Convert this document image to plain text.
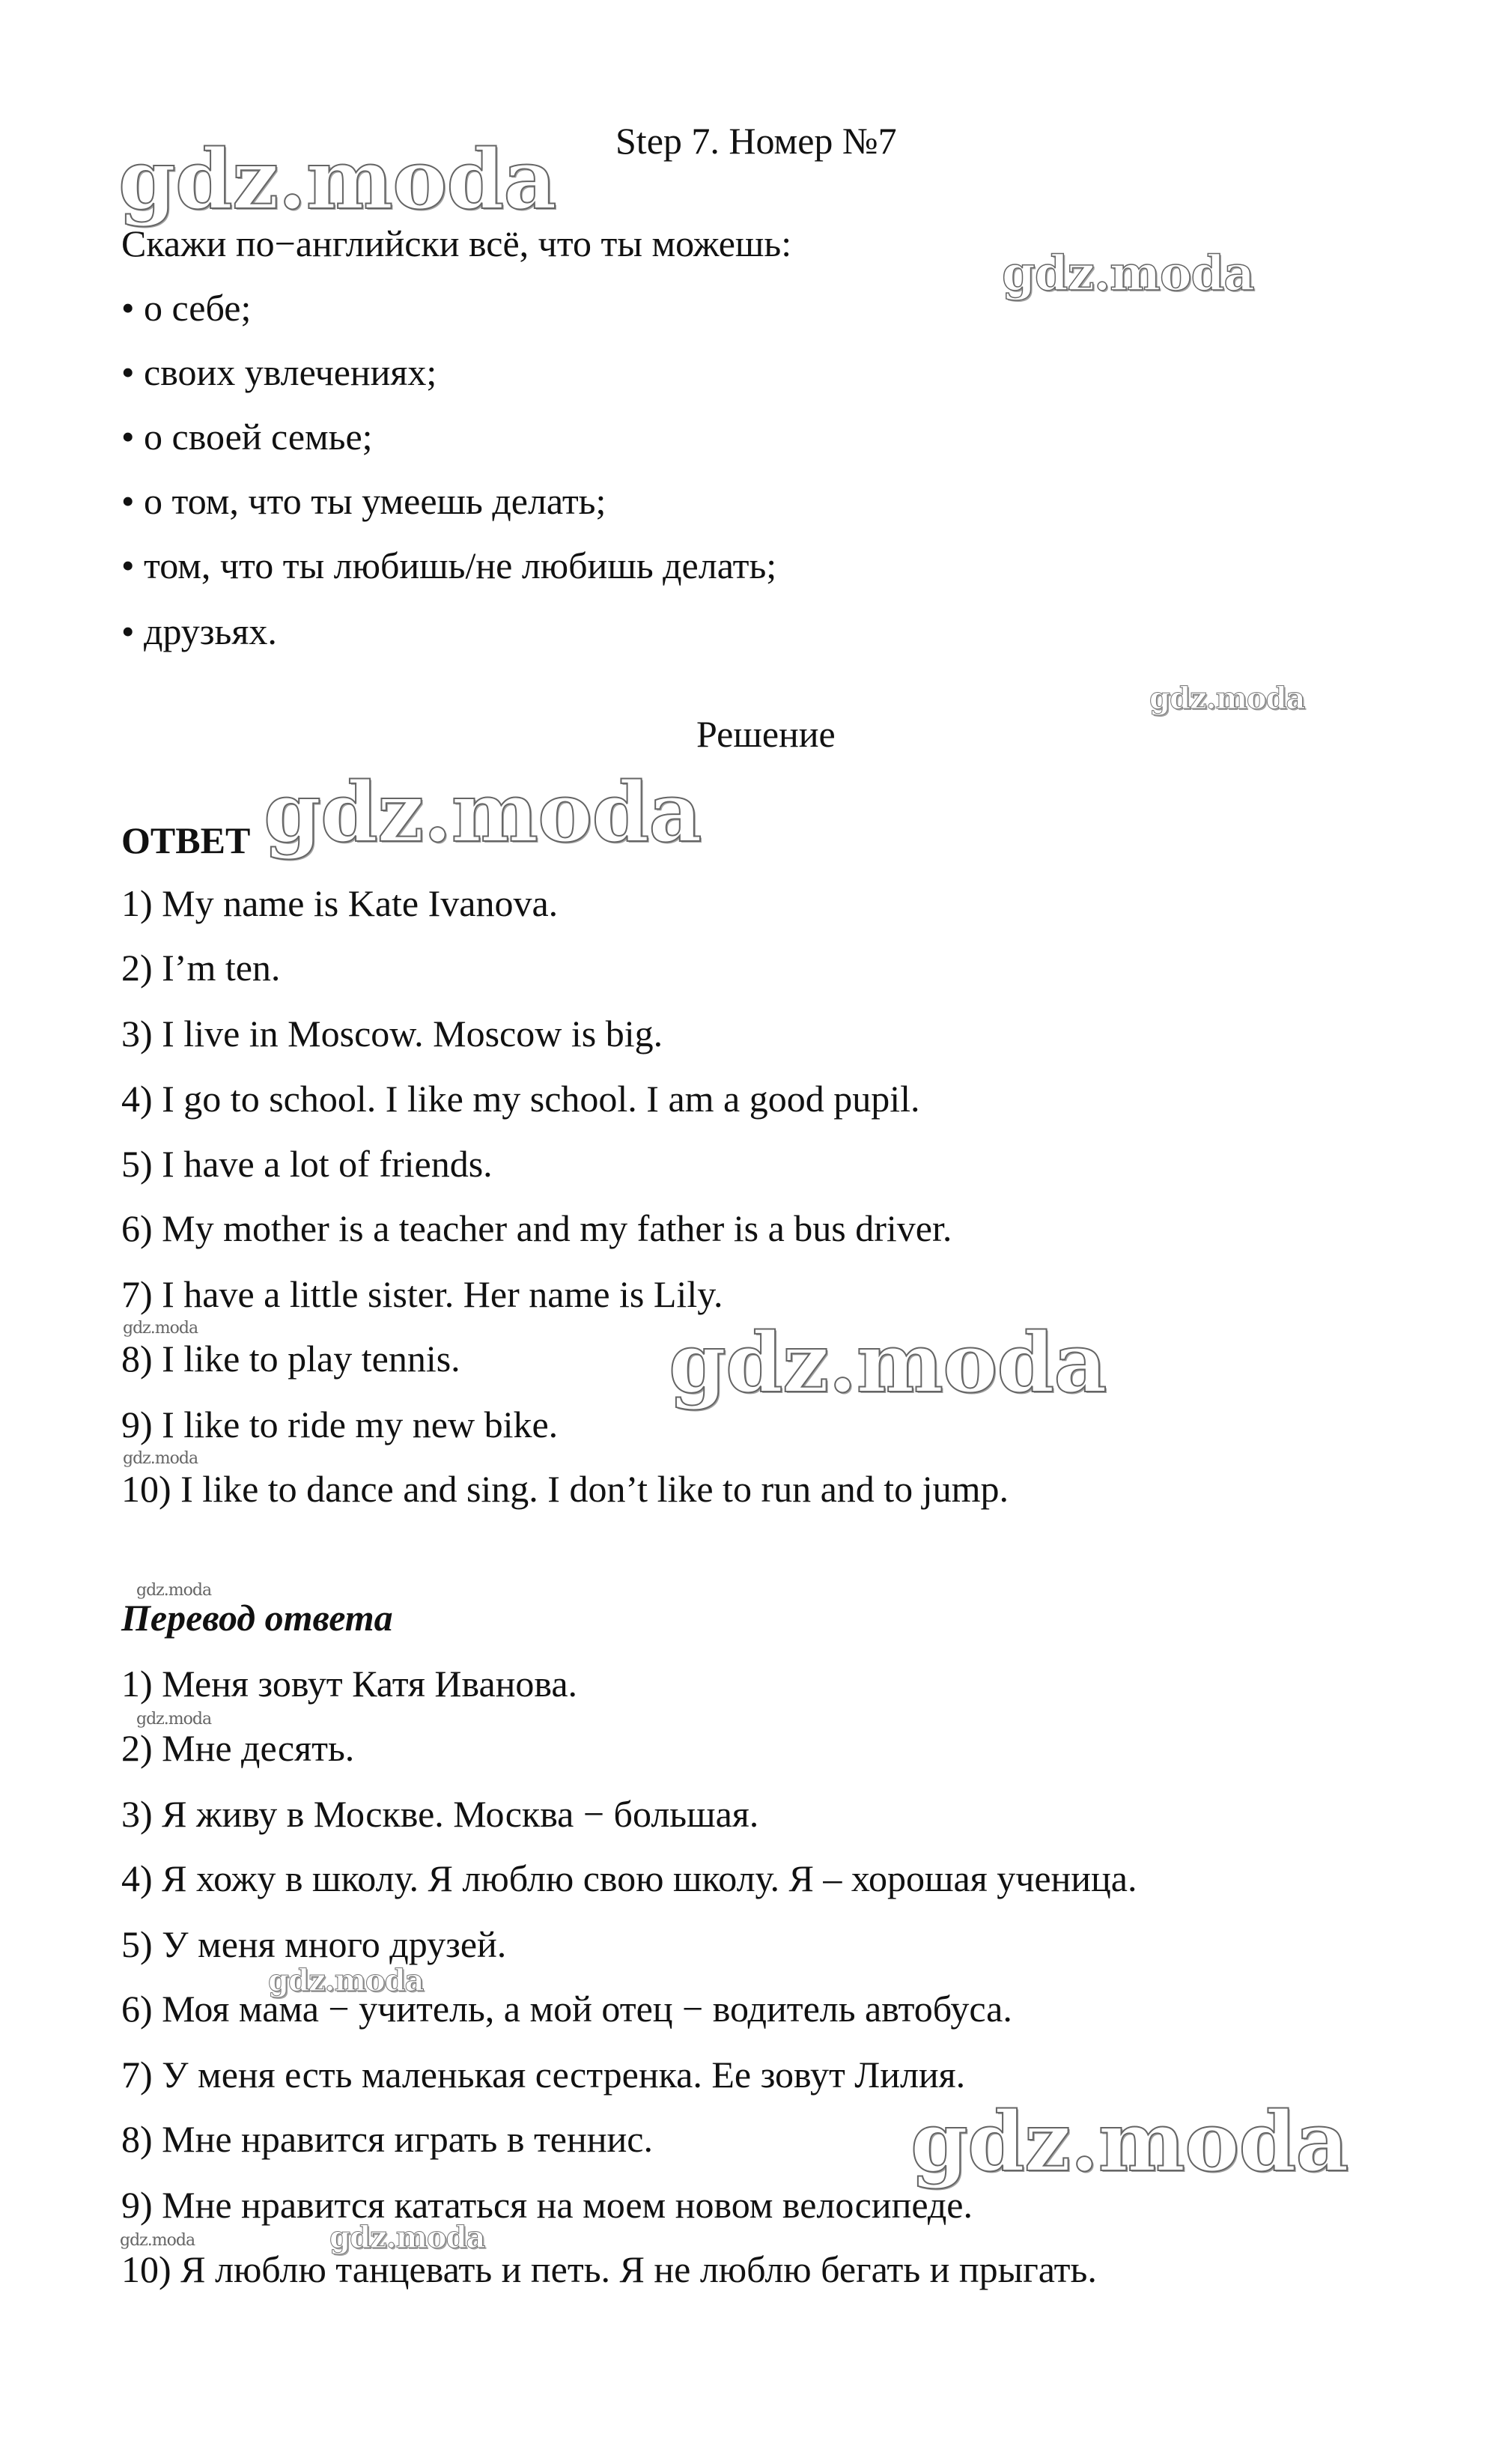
Step 7. Номер №7
Скажи по−английски всё, что ты можешь:
• о себе;
• своих увлечениях;
• о своей семье;
• о том, что ты умеешь делать;
• том, что ты любишь/не любишь делать;
• друзьях.
Решение
ОТВЕТ
1) My name is Kate Ivanova.
2) I’m ten.
3) I live in Moscow. Moscow is big.
4) I go to school. I like my school. I am a good pupil.
5) I have a lot of friends.
6) My mother is a teacher and my father is a bus driver.
7) I have a little sister. Her name is Lily.
8) I like to play tennis.
9) I like to ride my new bike.
10) I like to dance and sing. I don’t like to run and to jump.
Перевод ответа
1) Меня зовут Катя Иванова.
2) Мне десять.
3) Я живу в Москве. Москва − большая.
4) Я хожу в школу. Я люблю свою школу. Я – хорошая ученица.
5) У меня много друзей.
6) Моя мама − учитель, а мой отец − водитель автобуса.
7) У меня есть маленькая сестренка. Ее зовут Лилия.
8) Мне нравится играть в теннис.
9) Мне нравится кататься на моем новом велосипеде.
10) Я люблю танцевать и петь. Я не люблю бегать и прыгать.
gdz.moda
gdz.moda
gdz.moda
gdz.moda
gdz.moda	gdz.moda
gdz.moda
gdz.moda
gdz.moda
gdz.moda
gdz.moda
gdz.moda	gdz.moda
